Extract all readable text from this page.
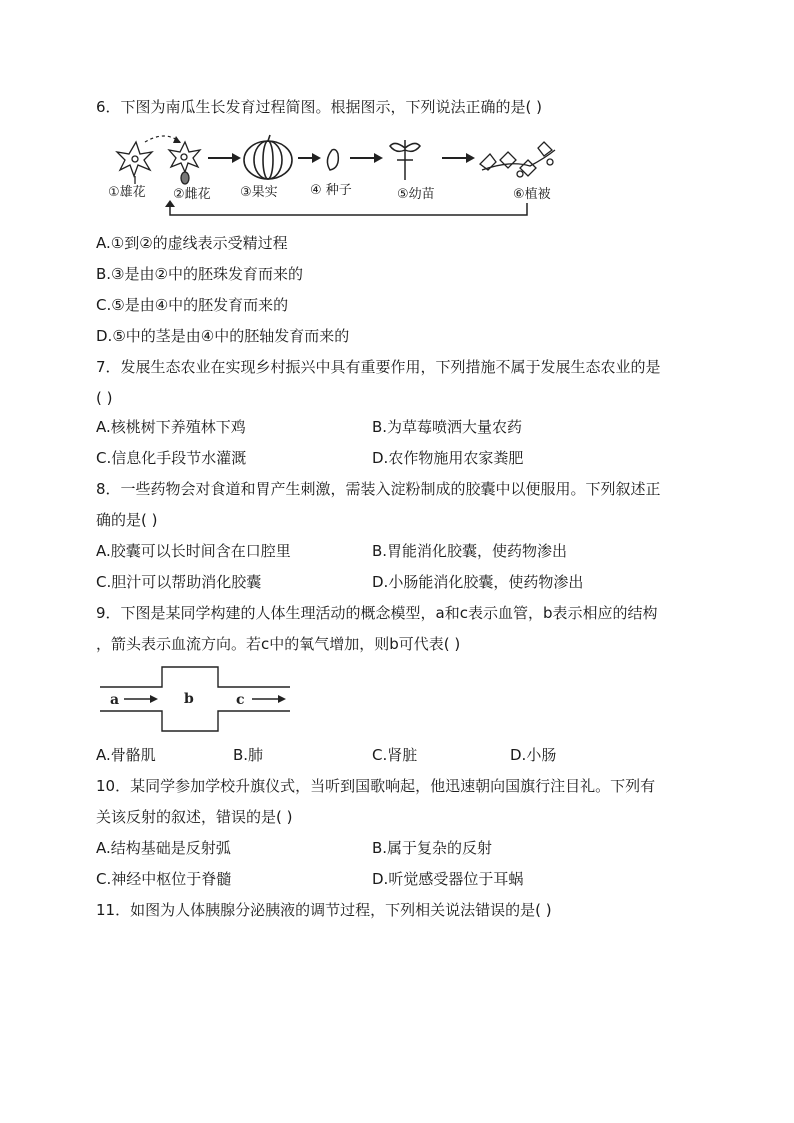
6．下图为南瓜生长发育过程简图。根据图示，下列说法正确的是( )
①雄花 ②雌花 ③果实 ④ 种子	⑤幼苗	⑥植被
A.①到②的虚线表示受精过程
B.③是由②中的胚珠发育而来的
C.⑤是由④中的胚发育而来的
D.⑤中的茎是由④中的胚轴发育而来的
7．发展生态农业在实现乡村振兴中具有重要作用，下列措施不属于发展生态农业的是
( )
A.核桃树下养殖林下鸡	B.为草莓喷洒大量农药
C.信息化手段节水灌溉	D.农作物施用农家粪肥
8．一些药物会对食道和胃产生刺激，需装入淀粉制成的胶囊中以便服用。下列叙述正
确的是( )
A.胶囊可以长时间含在口腔里	B.胃能消化胶囊，使药物渗出
C.胆汁可以帮助消化胶囊	D.小肠能消化胶囊，使药物渗出
9．下图是某同学构建的人体生理活动的概念模型，a和c表示血管，b表示相应的结构
，箭头表示血流方向。若c中的氧气增加，则b可代表( )
a	b	c
A.骨骼肌	B.肺	C.肾脏	D.小肠
10．某同学参加学校升旗仪式，当听到国歌响起，他迅速朝向国旗行注目礼。下列有
关该反射的叙述，错误的是( )
A.结构基础是反射弧	B.属于复杂的反射
C.神经中枢位于脊髓	D.听觉感受器位于耳蜗
11．如图为人体胰腺分泌胰液的调节过程，下列相关说法错误的是( )
